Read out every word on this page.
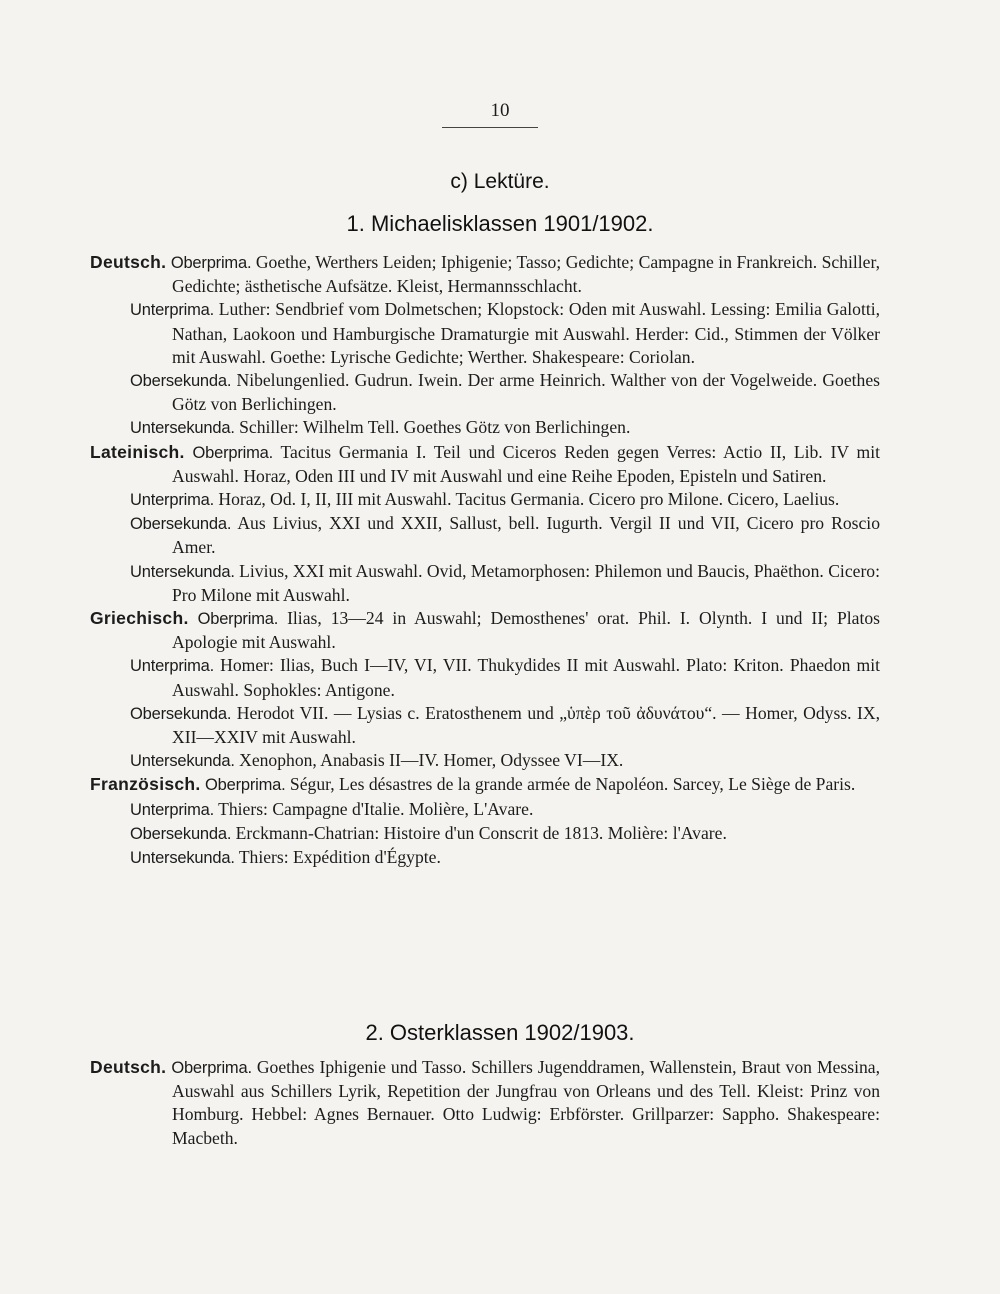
10
c) Lektüre.
1. Michaelisklassen 1901/1902.

Deutsch. Oberprima. Goethe, Werthers Leiden; Iphigenie; Tasso; Gedichte; Campagne in Frankreich. Schiller, Gedichte; ästhetische Aufsätze. Kleist, Hermannsschlacht.

Unterprima. Luther: Sendbrief vom Dolmetschen; Klopstock: Oden mit Auswahl. Lessing: Emilia Galotti, Nathan, Laokoon und Hamburgische Dramaturgie mit Auswahl. Herder: Cid., Stimmen der Völker mit Auswahl. Goethe: Lyrische Gedichte; Werther. Shakespeare: Coriolan.

Obersekunda. Nibelungenlied. Gudrun. Iwein. Der arme Heinrich. Walther von der Vogelweide. Goethes Götz von Berlichingen.

Untersekunda. Schiller: Wilhelm Tell. Goethes Götz von Berlichingen.

Lateinisch. Oberprima. Tacitus Germania I. Teil und Ciceros Reden gegen Verres: Actio II, Lib. IV mit Auswahl. Horaz, Oden III und IV mit Auswahl und eine Reihe Epoden, Episteln und Satiren.

Unterprima. Horaz, Od. I, II, III mit Auswahl. Tacitus Germania. Cicero pro Milone. Cicero, Laelius.

Obersekunda. Aus Livius, XXI und XXII, Sallust, bell. Iugurth. Vergil II und VII, Cicero pro Roscio Amer.

Untersekunda. Livius, XXI mit Auswahl. Ovid, Metamorphosen: Philemon und Baucis, Phaëthon. Cicero: Pro Milone mit Auswahl.

Griechisch. Oberprima. Ilias, 13—24 in Auswahl; Demosthenes' orat. Phil. I. Olynth. I und II; Platos Apologie mit Auswahl.

Unterprima. Homer: Ilias, Buch I—IV, VI, VII. Thukydides II mit Auswahl. Plato: Kriton. Phaedon mit Auswahl. Sophokles: Antigone.

Obersekunda. Herodot VII. — Lysias c. Eratosthenem und „ὑπὲρ τοῦ ἀδυνάτου“. — Homer, Odyss. IX, XII—XXIV mit Auswahl.

Untersekunda. Xenophon, Anabasis II—IV. Homer, Odyssee VI—IX.

Französisch. Oberprima. Ségur, Les désastres de la grande armée de Napoléon. Sarcey, Le Siège de Paris.

Unterprima. Thiers: Campagne d'Italie. Molière, L'Avare.

Obersekunda. Erckmann-Chatrian: Histoire d'un Conscrit de 1813. Molière: l'Avare.

Untersekunda. Thiers: Expédition d'Égypte.

2. Osterklassen 1902/1903.

Deutsch. Oberprima. Goethes Iphigenie und Tasso. Schillers Jugenddramen, Wallenstein, Braut von Messina, Auswahl aus Schillers Lyrik, Repetition der Jungfrau von Orleans und des Tell. Kleist: Prinz von Homburg. Hebbel: Agnes Bernauer. Otto Ludwig: Erbförster. Grillparzer: Sappho. Shakespeare: Macbeth.
